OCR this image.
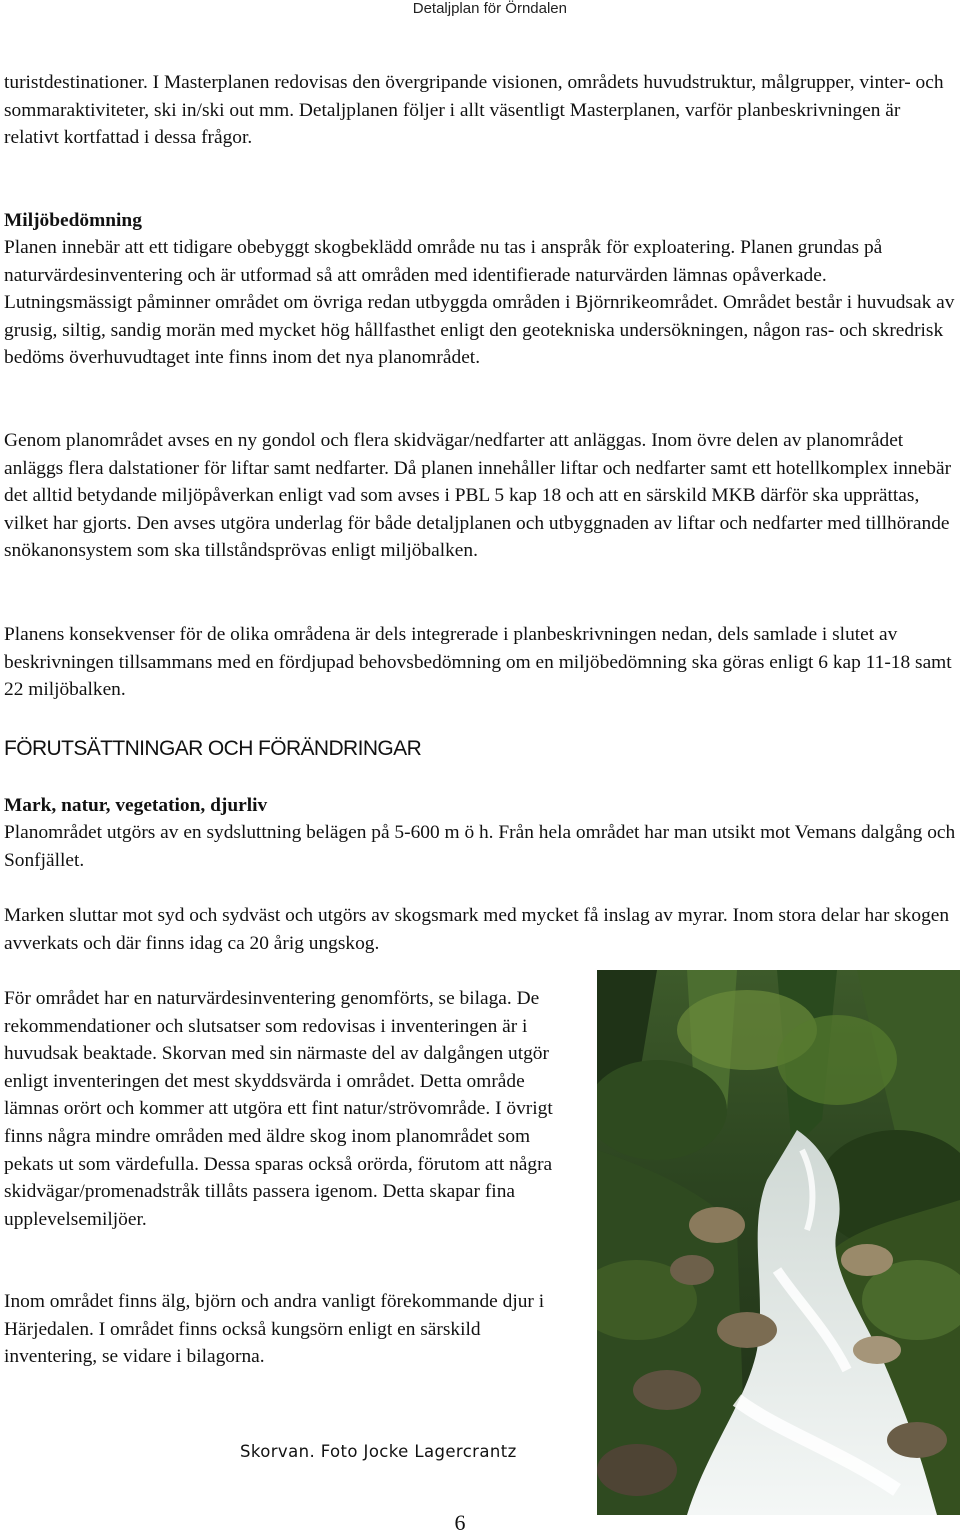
Detaljplan för Örndalen

turistdestinationer. I Masterplanen redovisas den övergripande visionen, områdets huvudstruktur, målgrupper, vinter- och sommaraktiviteter, ski in/ski out mm. Detaljplanen följer i allt väsentligt Masterplanen, varför planbeskrivningen är relativt kortfattad i dessa frågor.

Miljöbedömning

Planen innebär att ett tidigare obebyggt skogbeklädd område nu tas i anspråk för exploatering. Planen grundas på naturvärdesinventering och är utformad så att områden med identifierade naturvärden lämnas opåverkade. Lutningsmässigt påminner området om övriga redan utbyggda områden i Björnrikeområdet. Området består i huvudsak av grusig, siltig, sandig morän med mycket hög hållfasthet enligt den geotekniska undersökningen, någon ras- och skredrisk bedöms överhuvudtaget inte finns inom det nya planområdet.

Genom planområdet avses en ny gondol och flera skidvägar/nedfarter att anläggas. Inom övre delen av planområdet anläggs flera dalstationer för liftar samt nedfarter. Då planen innehåller liftar och nedfarter samt ett hotellkomplex innebär det alltid betydande miljöpåverkan enligt vad som avses i PBL 5 kap 18 och att en särskild MKB därför ska upprättas, vilket har gjorts. Den avses utgöra underlag för både detaljplanen och utbyggnaden av liftar och nedfarter med tillhörande snökanonsystem som ska tillståndsprövas enligt miljöbalken.

Planens konsekvenser för de olika områdena är dels integrerade i planbeskrivningen nedan, dels samlade i slutet av beskrivningen tillsammans med en fördjupad behovsbedömning om en miljöbedömning ska göras enligt 6 kap 11-18 samt 22 miljöbalken.

FÖRUTSÄTTNINGAR OCH FÖRÄNDRINGAR
Mark, natur, vegetation, djurliv

Planområdet utgörs av en sydsluttning belägen på 5-600 m ö h. Från hela området har man utsikt mot Vemans dalgång och Sonfjället.

Marken sluttar mot syd och sydväst och utgörs av skogsmark med mycket få inslag av myrar. Inom stora delar har skogen avverkats och där finns idag ca 20 årig ungskog.

För området har en naturvärdesinventering genomförts, se bilaga. De rekommendationer och slutsatser som redovisas i inventeringen är i huvudsak beaktade. Skorvan med sin närmaste del av dalgången utgör enligt inventeringen det mest skyddsvärda i området. Detta område lämnas orört och kommer att utgöra ett fint natur/strövområde. I övrigt finns några mindre områden med äldre skog inom planområdet som pekats ut som värdefulla. Dessa sparas också orörda, förutom att några skidvägar/promenadstråk tillåts passera igenom. Detta skapar fina upplevelsemiljöer.

Inom området finns älg, björn och andra vanligt förekommande djur i Härjedalen. I området finns också kungsörn enligt en särskild inventering, se vidare i bilagorna.

Skorvan. Foto Jocke Lagercrantz
6
